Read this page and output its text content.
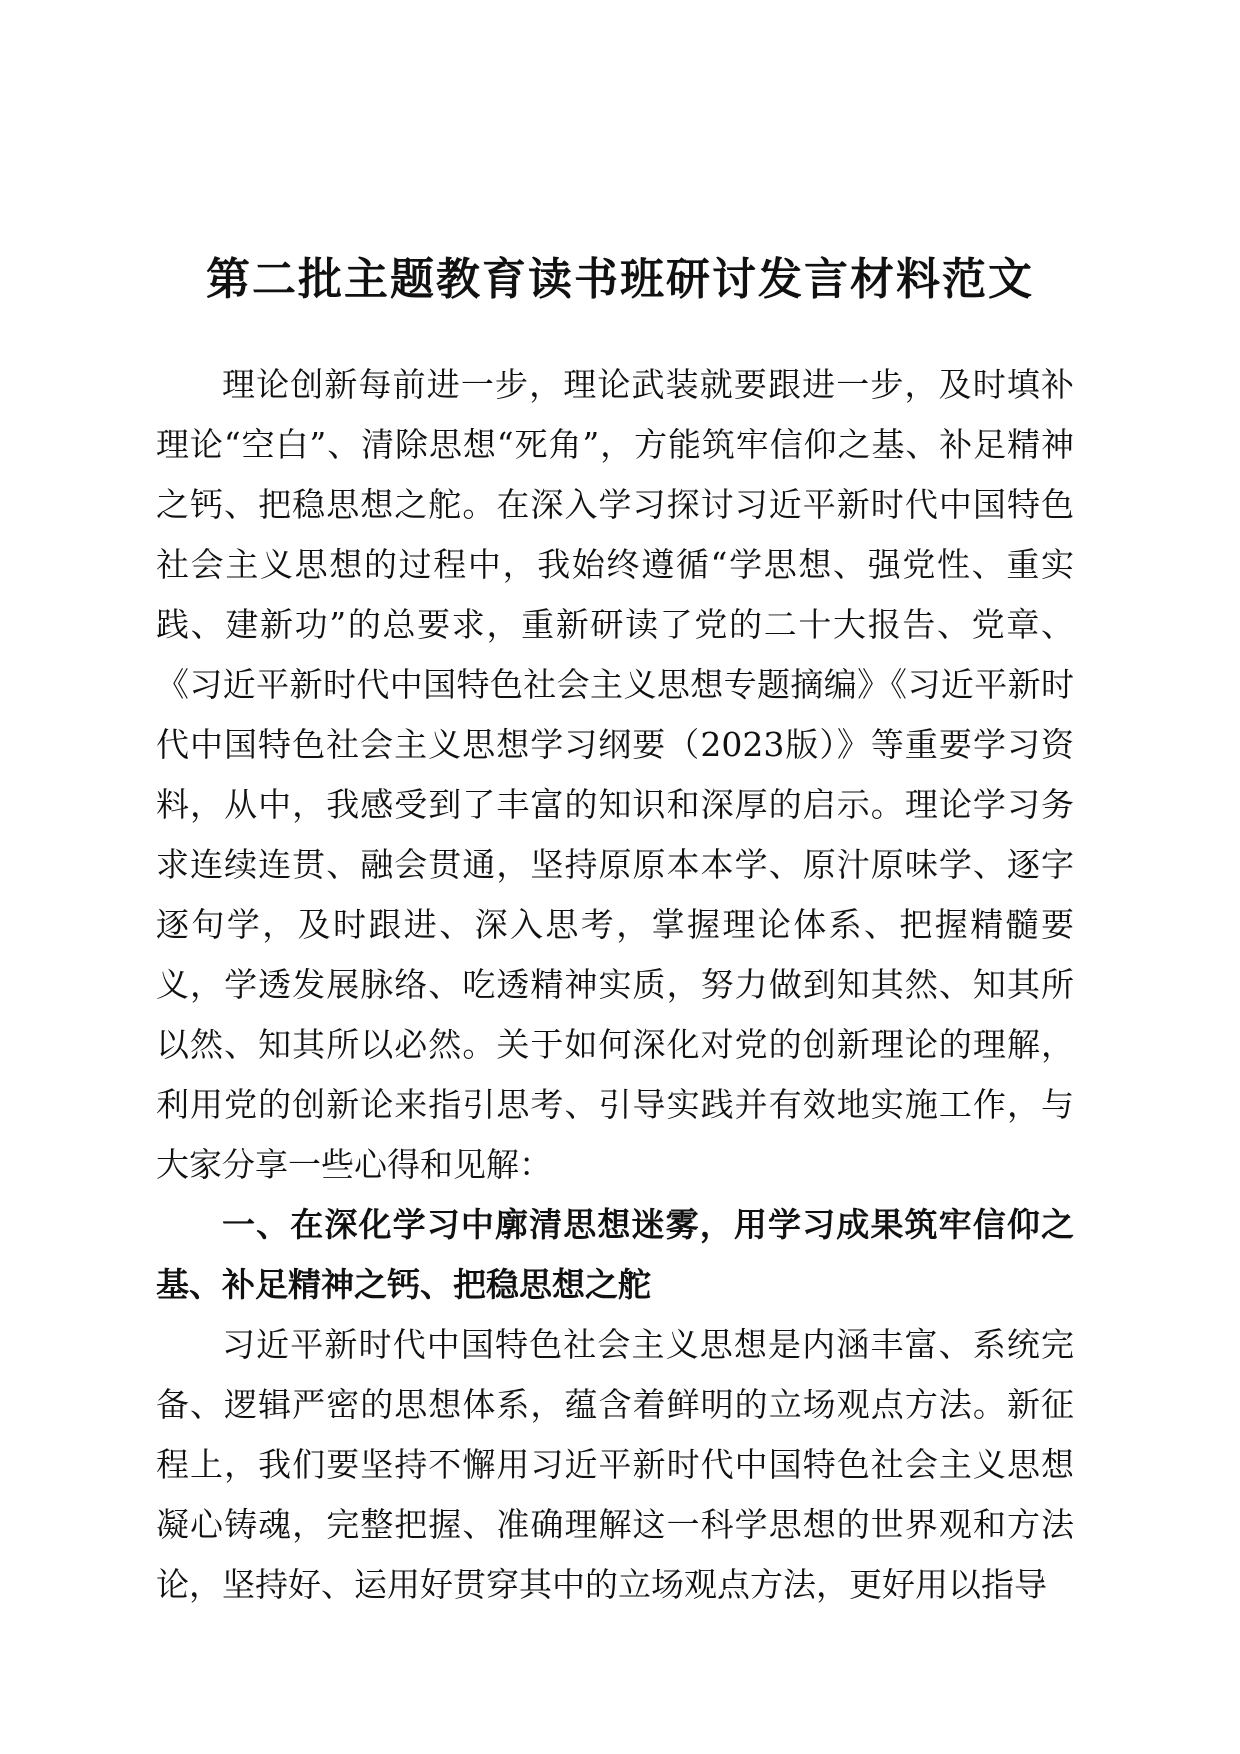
第二批主题教育读书班研讨发言材料范文

理论创新每前进一步，理论武装就要跟进一步，及时填补理论“空白”、清除思想“死角”，方能筑牢信仰之基、补足精神之钙、把稳思想之舵。在深入学习探讨习近平新时代中国特色社会主义思想的过程中，我始终遵循“学思想、强党性、重实践、建新功”的总要求，重新研读了党的二十大报告、党章、《习近平新时代中国特色社会主义思想专题摘编》《习近平新时代中国特色社会主义思想学习纲要（2023版）》等重要学习资料，从中，我感受到了丰富的知识和深厚的启示。理论学习务求连续连贯、融会贯通，坚持原原本本学、原汁原味学、逐字逐句学，及时跟进、深入思考，掌握理论体系、把握精髓要义，学透发展脉络、吃透精神实质，努力做到知其然、知其所以然、知其所以必然。关于如何深化对党的创新理论的理解，利用党的创新论来指引思考、引导实践并有效地实施工作，与大家分享一些心得和见解：

一、在深化学习中廓清思想迷雾，用学习成果筑牢信仰之基、补足精神之钙、把稳思想之舵

习近平新时代中国特色社会主义思想是内涵丰富、系统完备、逻辑严密的思想体系，蕴含着鲜明的立场观点方法。新征程上，我们要坚持不懈用习近平新时代中国特色社会主义思想凝心铸魂，完整把握、准确理解这一科学思想的世界观和方法论，坚持好、运用好贯穿其中的立场观点方法，更好用以指导
